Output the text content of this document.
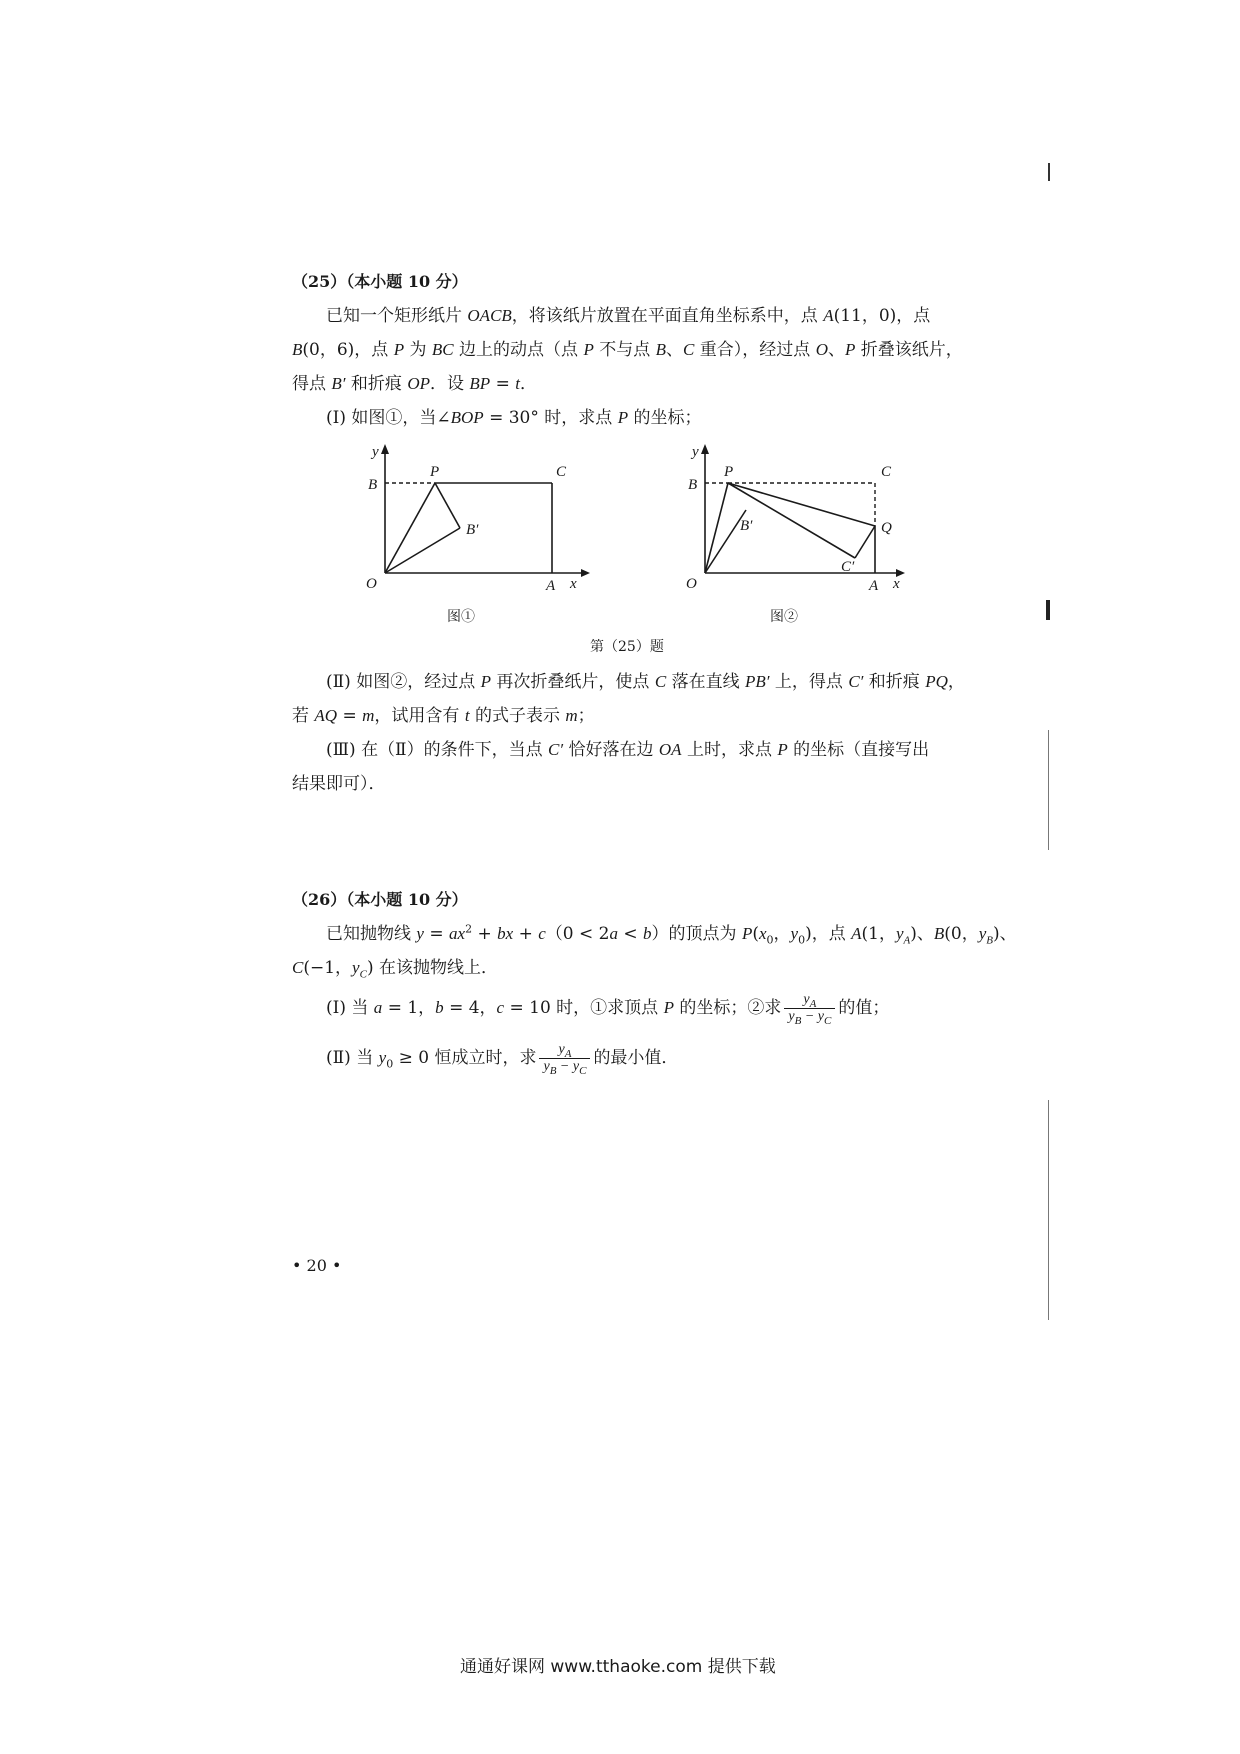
（25）（本小题 10 分）
已知一个矩形纸片 OACB，将该纸片放置在平面直角坐标系中，点 A(11，0)，点
B(0，6)，点 P 为 BC 边上的动点（点 P 不与点 B、C 重合），经过点 O、P 折叠该纸片，
得点 B′ 和折痕 OP．设 BP = t．
(Ⅰ) 如图①，当∠BOP = 30° 时，求点 P 的坐标；
y
B
P	C
B′
O	A x
图①
y
B
P	C
B′	Q
C′
O	A x
图②
第（25）题
(Ⅱ) 如图②，经过点 P 再次折叠纸片，使点 C 落在直线 PB′ 上，得点 C′ 和折痕 PQ，
若 AQ = m，试用含有 t 的式子表示 m；
(Ⅲ) 在（Ⅱ）的条件下，当点 C′ 恰好落在边 OA 上时，求点 P 的坐标（直接写出
结果即可）．
（26）（本小题 10 分）
已知抛物线 $y = ax^2$ + bx + c（0 < 2a < b）的顶点为 $P(x_0$，$y_0$)，点 A(1，$y_A$)、B(0，$y_B$)、
C(−1，$y_C$) 在该抛物线上．
(Ⅰ) 当 a = 1，b = 4，c = 10 时，①求顶点 P 的坐标；②求 $\frac{y_A}{y_B - y_C}$ 的值；
(Ⅱ) 当 $y_0 \ge 0$ 恒成立时，求 $\frac{y_A}{y_B - y_C}$ 的最小值．
• 20 •
通通好课网 www.tthaoke.com 提供下载
